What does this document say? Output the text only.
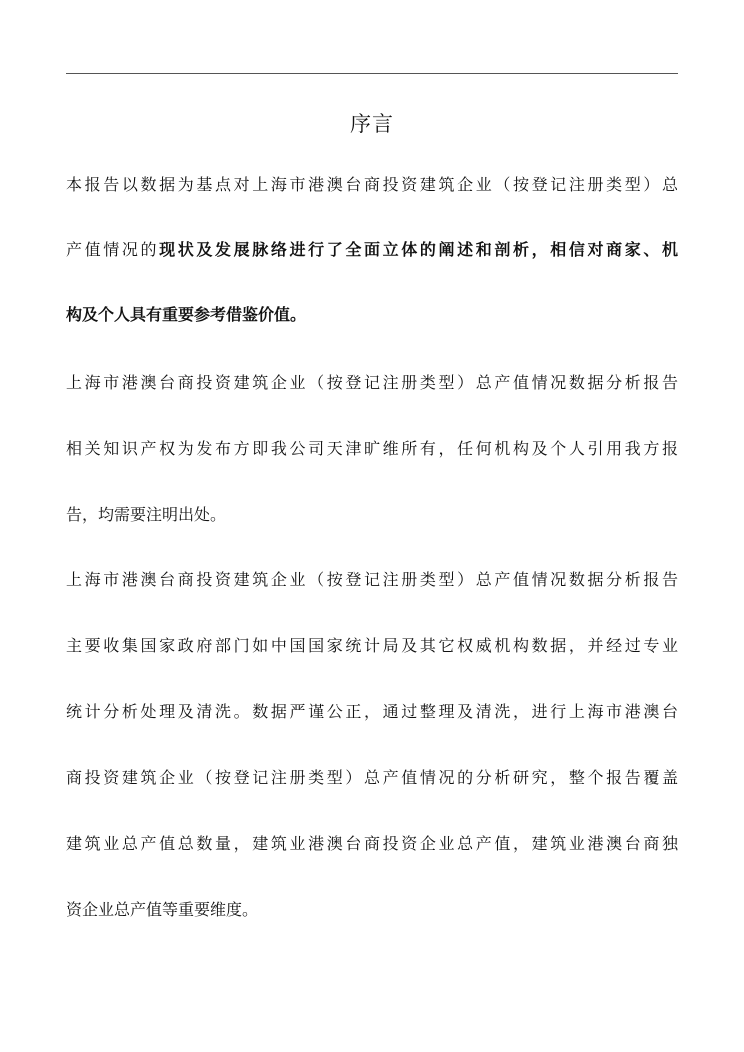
序言
本报告以数据为基点对上海市港澳台商投资建筑企业（按登记注册类型）总
产值情况的现状及发展脉络进行了全面立体的阐述和剖析，相信对商家、机
构及个人具有重要参考借鉴价值。
上海市港澳台商投资建筑企业（按登记注册类型）总产值情况数据分析报告
相关知识产权为发布方即我公司天津旷维所有，任何机构及个人引用我方报
告，均需要注明出处。
上海市港澳台商投资建筑企业（按登记注册类型）总产值情况数据分析报告
主要收集国家政府部门如中国国家统计局及其它权威机构数据，并经过专业
统计分析处理及清洗。数据严谨公正，通过整理及清洗，进行上海市港澳台
商投资建筑企业（按登记注册类型）总产值情况的分析研究，整个报告覆盖
建筑业总产值总数量，建筑业港澳台商投资企业总产值，建筑业港澳台商独
资企业总产值等重要维度。
